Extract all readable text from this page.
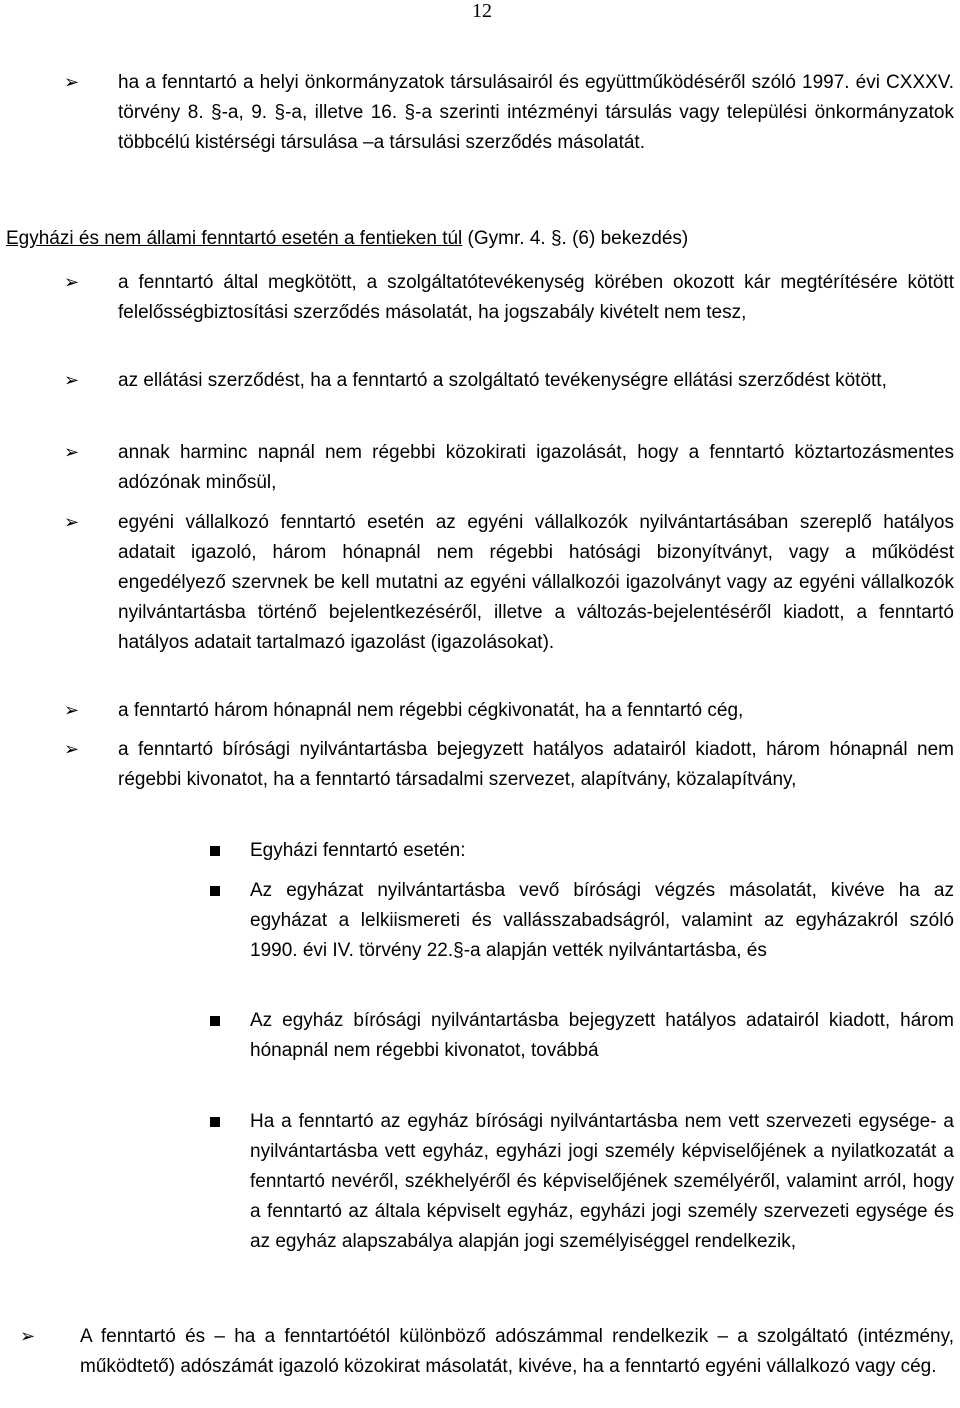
12
➢ ha a fenntartó a helyi önkormányzatok társulásairól és együttműködéséről szóló 1997. évi CXXXV. törvény 8. §-a, 9. §-a, illetve 16. §-a szerinti intézményi társulás vagy települési önkormányzatok többcélú kistérségi társulása –a társulási szerződés másolatát.
Egyházi és nem állami fenntartó esetén a fentieken túl (Gymr. 4. §. (6) bekezdés)
➢ a fenntartó által megkötött, a szolgáltatótevékenység körében okozott kár megtérítésére kötött felelősségbiztosítási szerződés másolatát, ha jogszabály kivételt nem tesz,
➢ az ellátási szerződést, ha a fenntartó a szolgáltató tevékenységre ellátási szerződést kötött,
➢ annak harminc napnál nem régebbi közokirati igazolását, hogy a fenntartó köztartozásmentes adózónak minősül,
➢ egyéni vállalkozó fenntartó esetén az egyéni vállalkozók nyilvántartásában szereplő hatályos adatait igazoló, három hónapnál nem régebbi hatósági bizonyítványt, vagy a működést engedélyező szervnek be kell mutatni az egyéni vállalkozói igazolványt vagy az egyéni vállalkozók nyilvántartásba történő bejelentkezéséről, illetve a változás-bejelentéséről kiadott, a fenntartó hatályos adatait tartalmazó igazolást (igazolásokat).
➢ a fenntartó három hónapnál nem régebbi cégkivonatát, ha a fenntartó cég,
➢ a fenntartó bírósági nyilvántartásba bejegyzett hatályos adatairól kiadott, három hónapnál nem régebbi kivonatot, ha a fenntartó társadalmi szervezet, alapítvány, közalapítvány,
Egyházi fenntartó esetén:
Az egyházat nyilvántartásba vevő bírósági végzés másolatát, kivéve ha az egyházat a lelkiismereti és vallásszabadságról, valamint az egyházakról szóló 1990. évi IV. törvény 22.§-a alapján vették nyilvántartásba, és
Az egyház bírósági nyilvántartásba bejegyzett hatályos adatairól kiadott, három hónapnál nem régebbi kivonatot, továbbá
Ha a fenntartó az egyház bírósági nyilvántartásba nem vett szervezeti egysége- a nyilvántartásba vett egyház, egyházi jogi személy képviselőjének a nyilatkozatát a fenntartó nevéről, székhelyéről és képviselőjének személyéről, valamint arról, hogy a fenntartó az általa képviselt egyház, egyházi jogi személy szervezeti egysége és az egyház alapszabálya alapján jogi személyiséggel rendelkezik,
➢ A fenntartó és – ha a fenntartóétól különböző adószámmal rendelkezik – a szolgáltató (intézmény, működtető) adószámát igazoló közokirat másolatát, kivéve, ha a fenntartó egyéni vállalkozó vagy cég.
